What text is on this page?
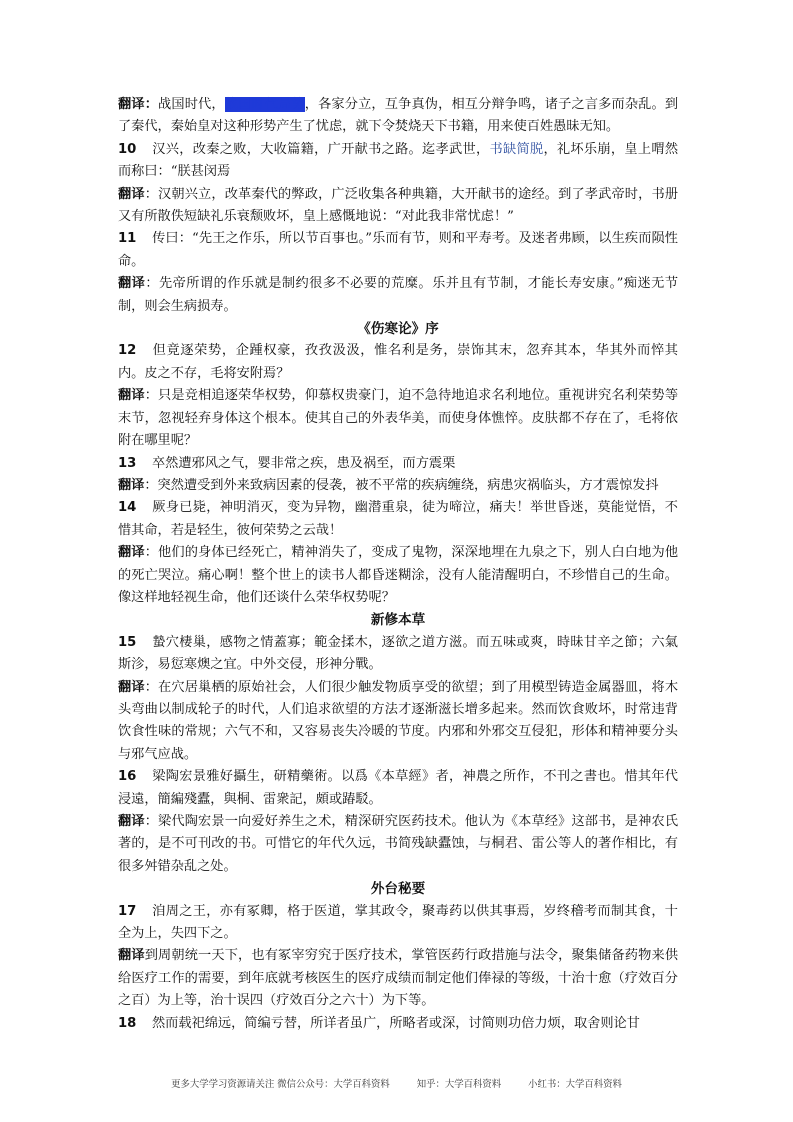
翻译：战国时代，战国时代局势，各家分立，互争真伪，相互分辩争鸣，诸子之言多而杂乱。到了秦代，秦始皇对这种形势产生了忧虑，就下令焚烧天下书籍，用来使百姓愚昧无知。

10 汉兴，改秦之败，大收篇籍，广开献书之路。迄孝武世，书缺简脱，礼坏乐崩，皇上喟然而称曰：“朕甚闵焉

翻译：汉朝兴立，改革秦代的弊政，广泛收集各种典籍，大开献书的途经。到了孝武帝时，书册又有所散佚短缺礼乐衰颓败坏，皇上感慨地说：“对此我非常忧虑！”

11 传曰：“先王之作乐，所以节百事也。”乐而有节，则和平寿考。及迷者弗顾，以生疾而陨性命。

翻译：先帝所谓的作乐就是制约很多不必要的荒糜。乐并且有节制，才能长寿安康。”痴迷无节制，则会生病损寿。

《伤寒论》序

12 但竟逐荣势，企踵权豪，孜孜汲汲，惟名利是务，崇饰其末，忽弃其本，华其外而悴其内。皮之不存，毛将安附焉？

翻译：只是竞相追逐荣华权势，仰慕权贵豪门，迫不急待地追求名利地位。重视讲究名利荣势等末节，忽视轻弃身体这个根本。使其自己的外表华美，而使身体憔悴。皮肤都不存在了，毛将依附在哪里呢？

13 卒然遭邪风之气，婴非常之疾，患及祸至，而方震栗

翻译：突然遭受到外来致病因素的侵袭，被不平常的疾病缠绕，病患灾祸临头，方才震惊发抖

14 厥身已毙，神明消灭，变为异物，幽潜重泉，徒为啼泣，痛夫！举世昏迷，莫能觉悟，不惜其命，若是轻生，彼何荣势之云哉！

翻译：他们的身体已经死亡，精神消失了，变成了鬼物，深深地埋在九泉之下，别人白白地为他的死亡哭泣。痛心啊！整个世上的读书人都昏迷糊涂，没有人能清醒明白，不珍惜自己的生命。像这样地轻视生命，他们还谈什么荣华权势呢？

新修本草

15 蟄穴棲巢，感物之情蓋寡；範金揉木，逐欲之道方滋。而五味或爽，時昧甘辛之節；六氣斯沴，易愆寒燠之宜。中外交侵，形神分戰。

翻译：在穴居巢栖的原始社会，人们很少触发物质享受的欲望；到了用模型铸造金属器皿，将木头弯曲以制成轮子的时代，人们追求欲望的方法才逐渐滋长增多起来。然而饮食败坏，时常违背饮食性味的常规；六气不和，又容易丧失冷暖的节度。内邪和外邪交互侵犯，形体和精神要分头与邪气应战。

16 梁陶宏景雅好攝生，研精藥術。以爲《本草經》者，神農之所作，不刊之書也。惜其年代浸遠，簡編殘蠹，與桐、雷衆記，頗或踳駁。

翻译：梁代陶宏景一向爱好养生之术，精深研究医药技术。他认为《本草经》这部书，是神农氏著的，是不可刊改的书。可惜它的年代久远，书简残缺蠹蚀，与桐君、雷公等人的著作相比，有很多舛错杂乱之处。

外台秘要

17 洎周之王，亦有冢卿，格于医道，掌其政令，聚毒药以供其事焉，岁终稽考而制其食，十全为上，失四下之。

翻译到周朝统一天下，也有冢宰穷究于医疗技术，掌管医药行政措施与法令，聚集储备药物来供给医疗工作的需要，到年底就考核医生的医疗成绩而制定他们俸禄的等级，十治十愈（疗效百分之百）为上等，治十误四（疗效百分之六十）为下等。

18 然而载祀绵远，简编亏替，所详者虽广，所略者或深，讨简则功倍力烦，取舍则论甘

更多大学学习资源请关注 微信公众号：大学百科资料	知乎：大学百科资料	小红书：大学百科资料
